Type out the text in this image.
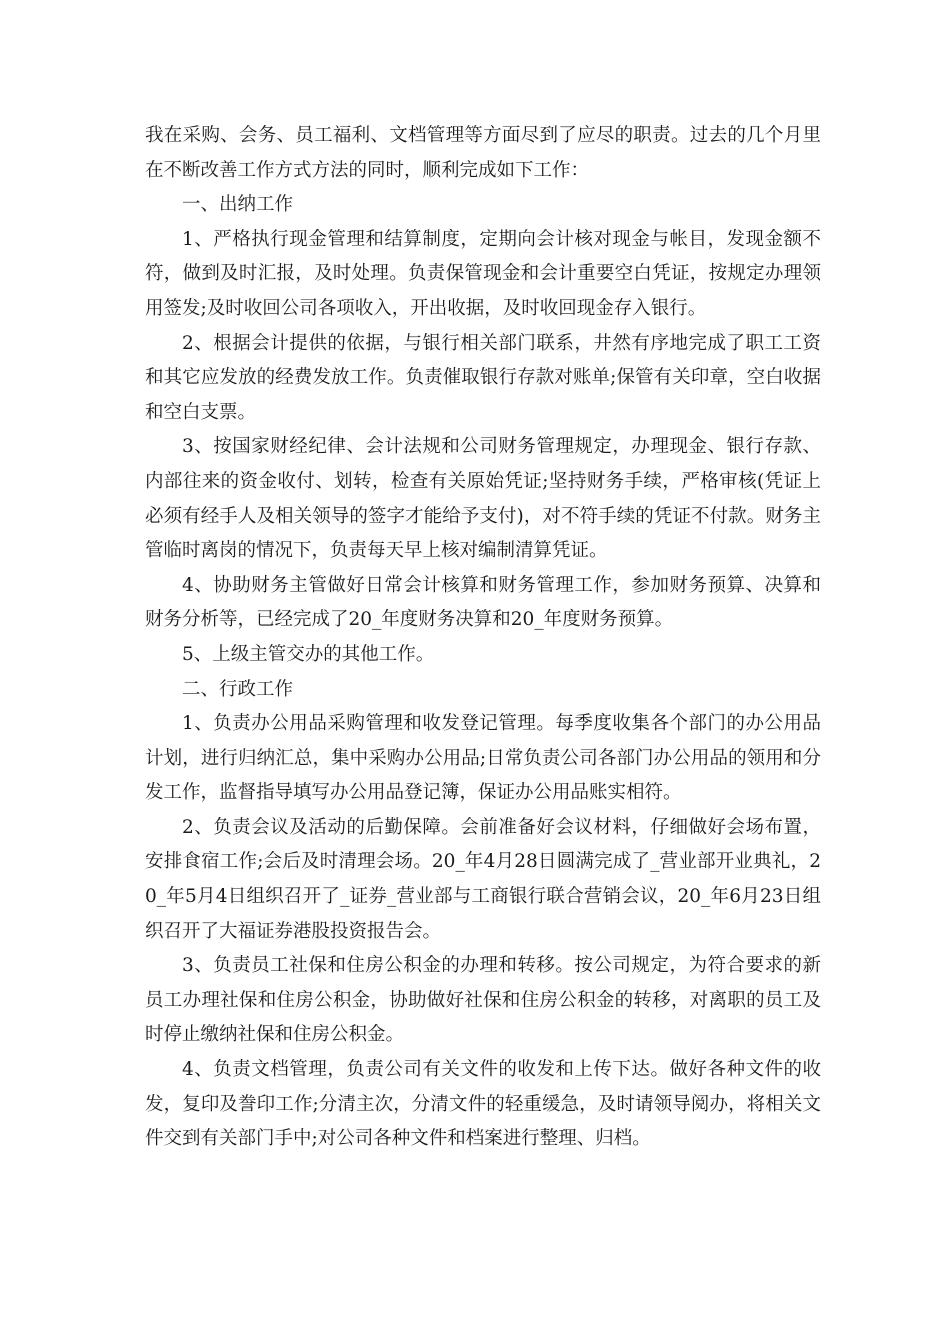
我在采购、会务、员工福利、文档管理等方面尽到了应尽的职责。过去的几个月里在不断改善工作方式方法的同时，顺利完成如下工作：

一、出纳工作

1、严格执行现金管理和结算制度，定期向会计核对现金与帐目，发现金额不符，做到及时汇报，及时处理。负责保管现金和会计重要空白凭证，按规定办理领用签发;及时收回公司各项收入，开出收据，及时收回现金存入银行。

2、根据会计提供的依据，与银行相关部门联系，井然有序地完成了职工工资和其它应发放的经费发放工作。负责催取银行存款对账单;保管有关印章，空白收据和空白支票。

3、按国家财经纪律、会计法规和公司财务管理规定，办理现金、银行存款、内部往来的资金收付、划转，检查有关原始凭证;坚持财务手续，严格审核(凭证上必须有经手人及相关领导的签字才能给予支付)，对不符手续的凭证不付款。财务主管临时离岗的情况下，负责每天早上核对编制清算凭证。

4、协助财务主管做好日常会计核算和财务管理工作，参加财务预算、决算和财务分析等，已经完成了20_年度财务决算和20_年度财务预算。

5、上级主管交办的其他工作。

二、行政工作

1、负责办公用品采购管理和收发登记管理。每季度收集各个部门的办公用品计划，进行归纳汇总，集中采购办公用品;日常负责公司各部门办公用品的领用和分发工作，监督指导填写办公用品登记簿，保证办公用品账实相符。

2、负责会议及活动的后勤保障。会前准备好会议材料，仔细做好会场布置，安排食宿工作;会后及时清理会场。20_年4月28日圆满完成了_营业部开业典礼，20_年5月4日组织召开了_证券_营业部与工商银行联合营销会议，20_年6月23日组织召开了大福证券港股投资报告会。

3、负责员工社保和住房公积金的办理和转移。按公司规定，为符合要求的新员工办理社保和住房公积金，协助做好社保和住房公积金的转移，对离职的员工及时停止缴纳社保和住房公积金。

4、负责文档管理，负责公司有关文件的收发和上传下达。做好各种文件的收发，复印及誊印工作;分清主次，分清文件的轻重缓急，及时请领导阅办，将相关文件交到有关部门手中;对公司各种文件和档案进行整理、归档。
